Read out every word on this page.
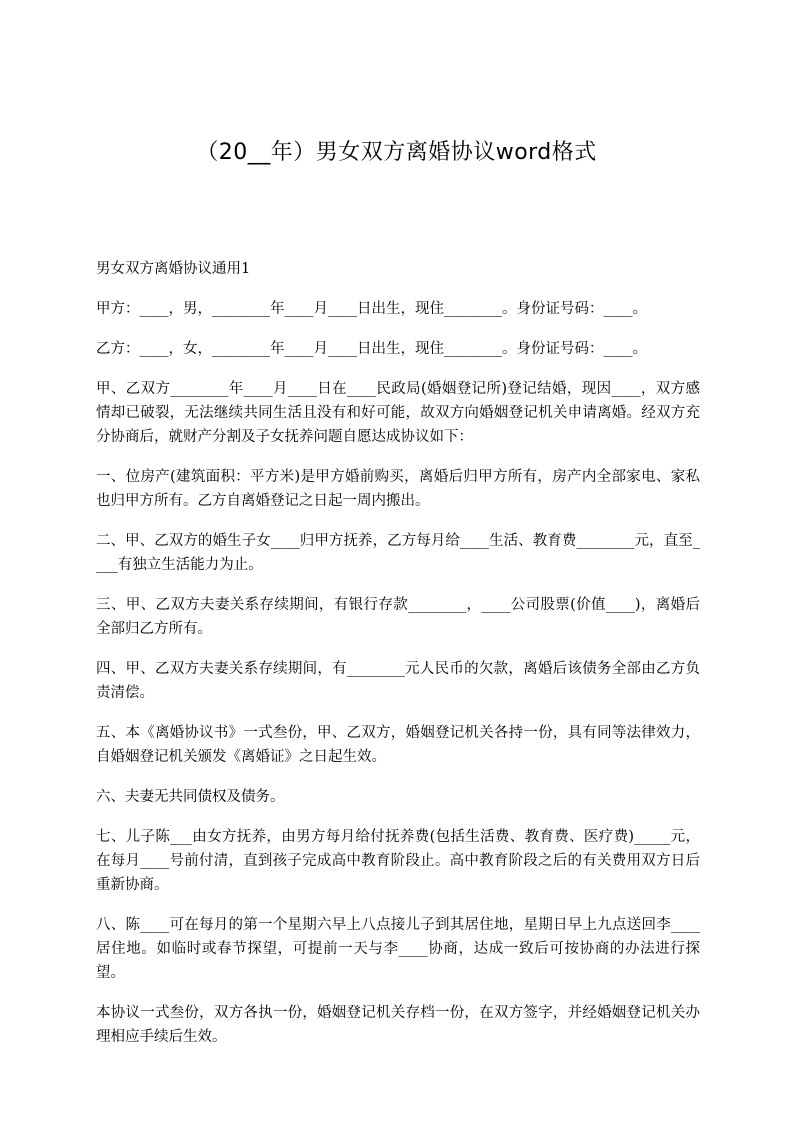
（20__年）男女双方离婚协议word格式

男女双方离婚协议通用1

甲方：____，男，________年____月____日出生，现住________。身份证号码：____。

乙方：____，女，________年____月____日出生，现住________。身份证号码：____。

甲、乙双方________年____月____日在____民政局(婚姻登记所)登记结婚，现因____，双方感情却已破裂，无法继续共同生活且没有和好可能，故双方向婚姻登记机关申请离婚。经双方充分协商后，就财产分割及子女抚养问题自愿达成协议如下：

一、位房产(建筑面积：平方米)是甲方婚前购买，离婚后归甲方所有，房产内全部家电、家私也归甲方所有。乙方自离婚登记之日起一周内搬出。

二、甲、乙双方的婚生子女____归甲方抚养，乙方每月给____生活、教育费________元，直至____有独立生活能力为止。

三、甲、乙双方夫妻关系存续期间，有银行存款________，____公司股票(价值____)，离婚后全部归乙方所有。

四、甲、乙双方夫妻关系存续期间，有________元人民币的欠款，离婚后该债务全部由乙方负责清偿。

五、本《离婚协议书》一式叁份，甲、乙双方，婚姻登记机关各持一份，具有同等法律效力，自婚姻登记机关颁发《离婚证》之日起生效。

六、夫妻无共同债权及债务。

七、儿子陈___由女方抚养，由男方每月给付抚养费(包括生活费、教育费、医疗费)_____元，在每月____号前付清，直到孩子完成高中教育阶段止。高中教育阶段之后的有关费用双方日后重新协商。

八、陈____可在每月的第一个星期六早上八点接儿子到其居住地，星期日早上九点送回李____居住地。如临时或春节探望，可提前一天与李____协商，达成一致后可按协商的办法进行探望。

本协议一式叁份，双方各执一份，婚姻登记机关存档一份，在双方签字，并经婚姻登记机关办理相应手续后生效。
